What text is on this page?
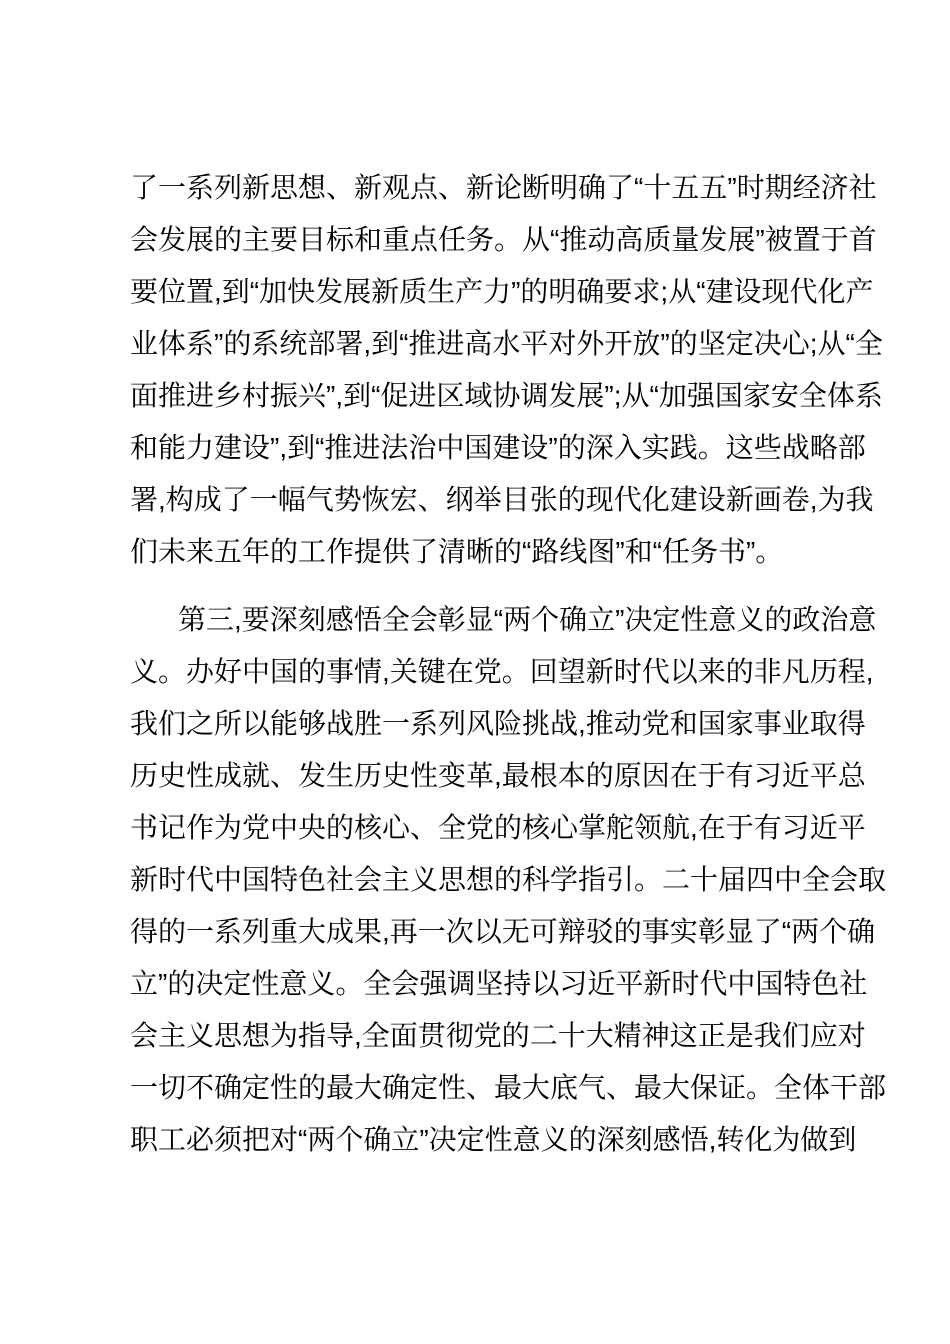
了一系列新思想、新观点、新论断明确了“十五五”时期经济社
会发展的主要目标和重点任务。从“推动高质量发展”被置于首
要位置,到“加快发展新质生产力”的明确要求;从“建设现代化产
业体系”的系统部署,到“推进高水平对外开放”的坚定决心;从“全
面推进乡村振兴”,到“促进区域协调发展”;从“加强国家安全体系
和能力建设”,到“推进法治中国建设”的深入实践。这些战略部
署,构成了一幅气势恢宏、纲举目张的现代化建设新画卷,为我
们未来五年的工作提供了清晰的“路线图”和“任务书”。
第三,要深刻感悟全会彰显“两个确立”决定性意义的政治意
义。办好中国的事情,关键在党。回望新时代以来的非凡历程,
我们之所以能够战胜一系列风险挑战,推动党和国家事业取得
历史性成就、发生历史性变革,最根本的原因在于有习近平总
书记作为党中央的核心、全党的核心掌舵领航,在于有习近平
新时代中国特色社会主义思想的科学指引。二十届四中全会取
得的一系列重大成果,再一次以无可辩驳的事实彰显了“两个确
立”的决定性意义。全会强调坚持以习近平新时代中国特色社
会主义思想为指导,全面贯彻党的二十大精神这正是我们应对
一切不确定性的最大确定性、最大底气、最大保证。全体干部
职工必须把对“两个确立”决定性意义的深刻感悟,转化为做到
